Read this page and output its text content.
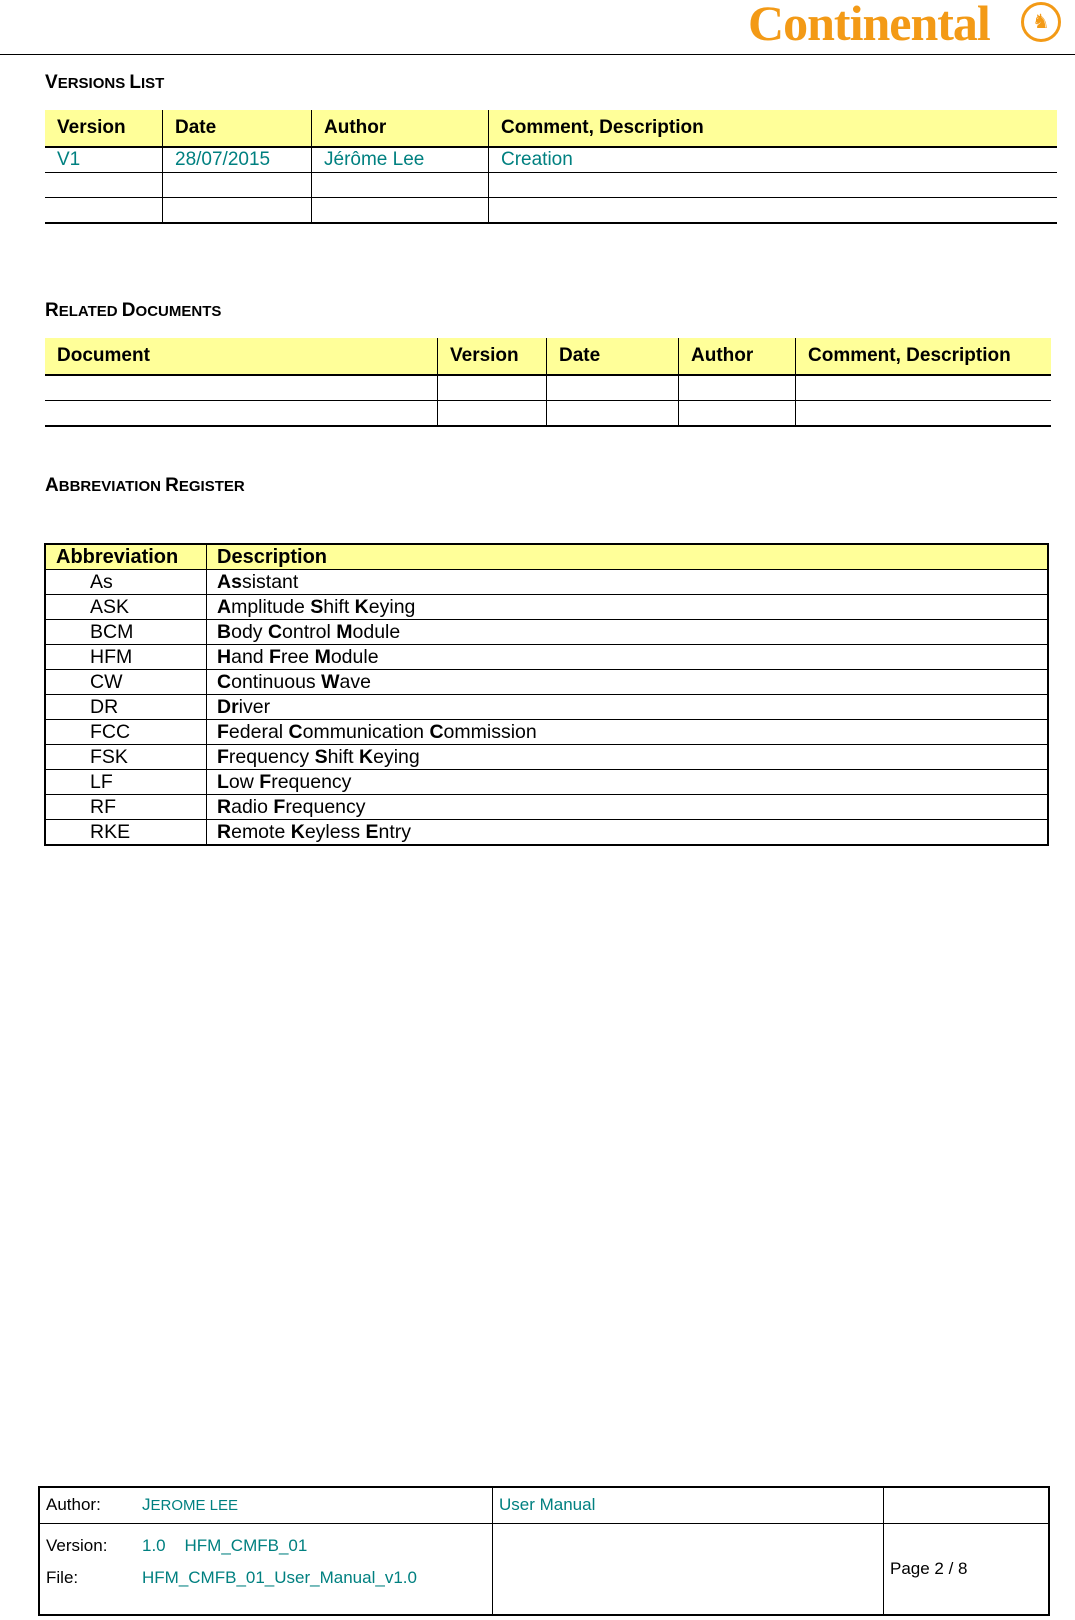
Continental	♞
VERSIONS LIST
Version	Date	Author	Comment, Description
V1	28/07/2015	Jérôme Lee	Creation

RELATED DOCUMENTS
Document	Version	Date	Author	Comment, Description

ABBREVIATION REGISTER
Abbreviation	Description
As	Assistant
ASK	Amplitude Shift Keying
BCM	Body Control Module
HFM	Hand Free Module
CW	Continuous Wave
DR	Driver
FCC	Federal Communication Commission
FSK	Frequency Shift Keying
LF	Low Frequency
RF	Radio Frequency
RKE	Remote Keyless Entry
Author: JEROME LEE	User Manual	

Version: 1.0    HFM_CMFB_01
File: HFM_CMFB_01_User_Manual_v1.0		Page 2 / 8
